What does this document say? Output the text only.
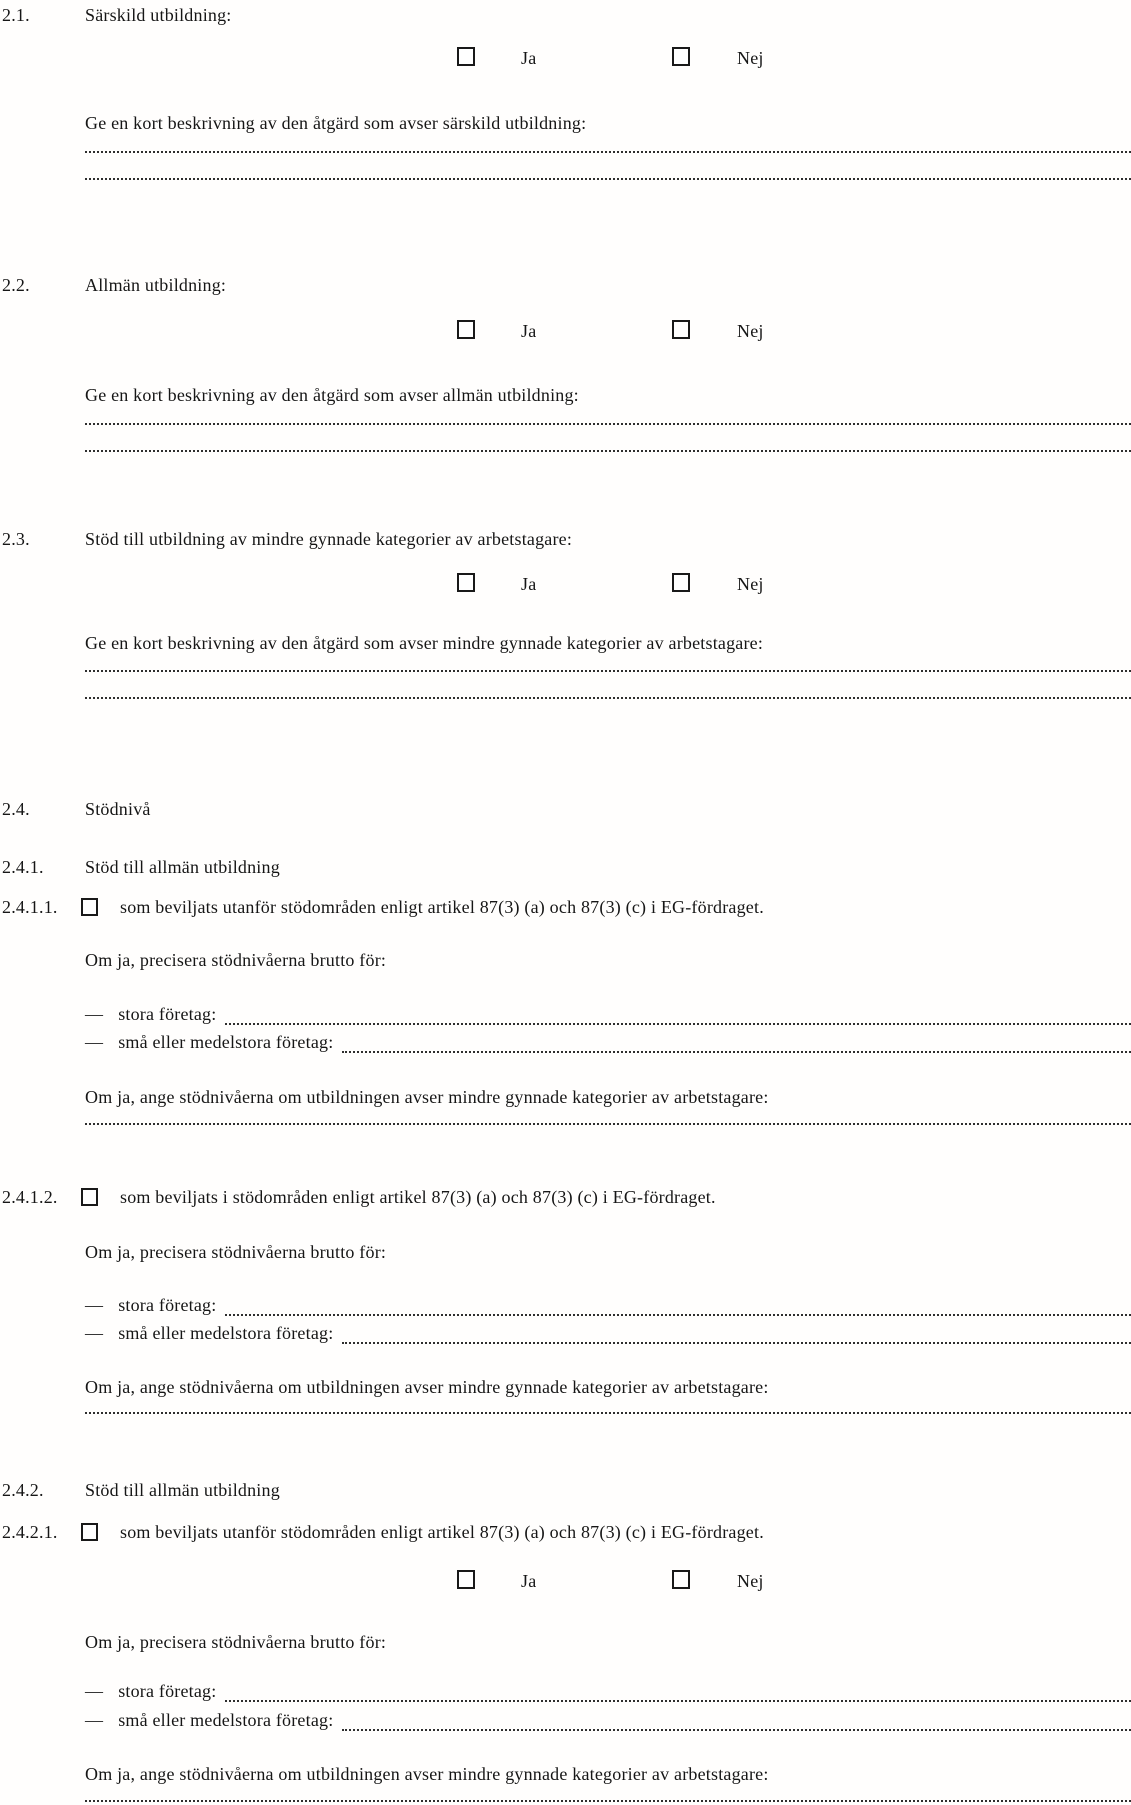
2.1.	Särskild utbildning:
Ja	Nej
Ge en kort beskrivning av den åtgärd som avser särskild utbildning:
2.2.	Allmän utbildning:
Ja	Nej
Ge en kort beskrivning av den åtgärd som avser allmän utbildning:
2.3.	Stöd till utbildning av mindre gynnade kategorier av arbetstagare:
Ja	Nej
Ge en kort beskrivning av den åtgärd som avser mindre gynnade kategorier av arbetstagare:
2.4.	Stödnivå
2.4.1. Stöd till allmän utbildning
2.4.1.1.	som beviljats utanför stödområden enligt artikel 87(3) (a) och 87(3) (c) i EG-fördraget.
Om ja, precisera stödnivåerna brutto för:
— stora företag:
— små eller medelstora företag:
Om ja, ange stödnivåerna om utbildningen avser mindre gynnade kategorier av arbetstagare:
2.4.1.2.	som beviljats i stödområden enligt artikel 87(3) (a) och 87(3) (c) i EG-fördraget.
Om ja, precisera stödnivåerna brutto för:
— stora företag:
— små eller medelstora företag:
Om ja, ange stödnivåerna om utbildningen avser mindre gynnade kategorier av arbetstagare:
2.4.2. Stöd till allmän utbildning
2.4.2.1.	som beviljats utanför stödområden enligt artikel 87(3) (a) och 87(3) (c) i EG-fördraget.
Ja	Nej
Om ja, precisera stödnivåerna brutto för:
— stora företag:
— små eller medelstora företag:
Om ja, ange stödnivåerna om utbildningen avser mindre gynnade kategorier av arbetstagare:
